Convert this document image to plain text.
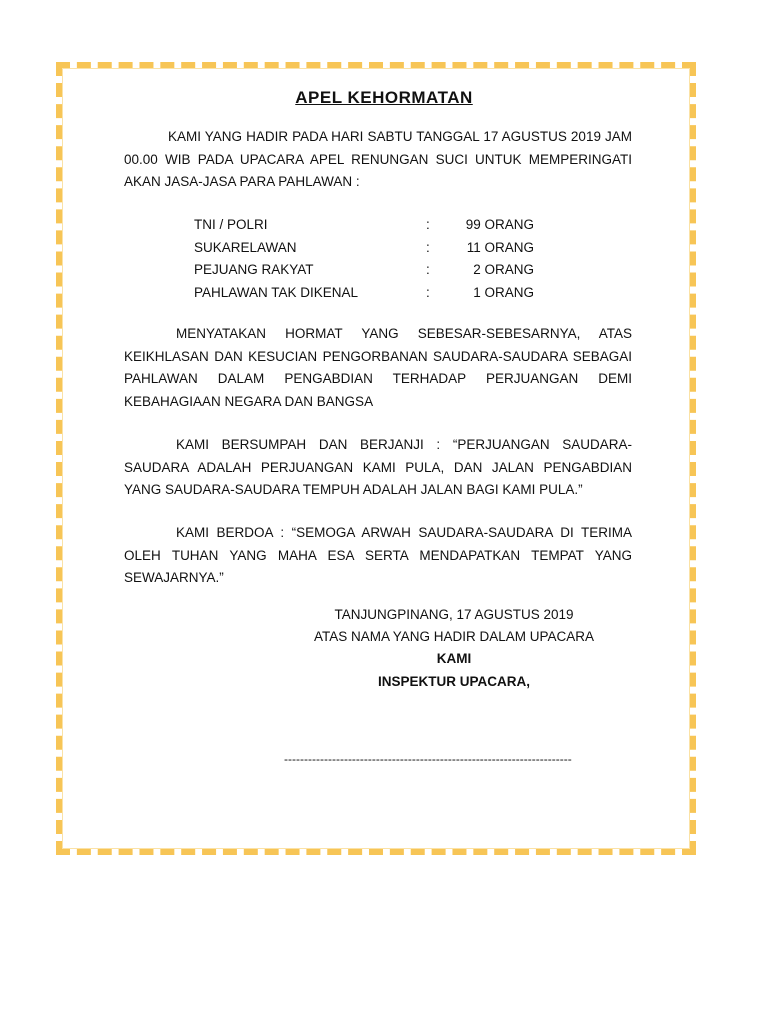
APEL KEHORMATAN

KAMI YANG HADIR PADA HARI SABTU TANGGAL 17 AGUSTUS 2019 JAM 00.00 WIB PADA UPACARA APEL RENUNGAN SUCI UNTUK MEMPERINGATI AKAN JASA-JASA PARA PAHLAWAN :

TNI / POLRI	:	99 ORANG
SUKARELAWAN	:	11 ORANG
PEJUANG RAKYAT	:	2 ORANG
PAHLAWAN TAK DIKENAL	:	1 ORANG

MENYATAKAN HORMAT YANG SEBESAR-SEBESARNYA, ATAS KEIKHLASAN DAN KESUCIAN PENGORBANAN SAUDARA-SAUDARA SEBAGAI PAHLAWAN DALAM PENGABDIAN TERHADAP PERJUANGAN DEMI KEBAHAGIAAN NEGARA DAN BANGSA

KAMI BERSUMPAH DAN BERJANJI : “PERJUANGAN SAUDARA-SAUDARA ADALAH PERJUANGAN KAMI PULA, DAN JALAN PENGABDIAN YANG SAUDARA-SAUDARA TEMPUH ADALAH JALAN BAGI KAMI PULA.”

KAMI BERDOA : “SEMOGA ARWAH SAUDARA-SAUDARA DI TERIMA OLEH TUHAN YANG MAHA ESA SERTA MENDAPATKAN TEMPAT YANG SEWAJARNYA.”

TANJUNGPINANG, 17 AGUSTUS 2019
ATAS NAMA YANG HADIR DALAM UPACARA
KAMI
INSPEKTUR UPACARA,
------------------------------------------------------------------------
